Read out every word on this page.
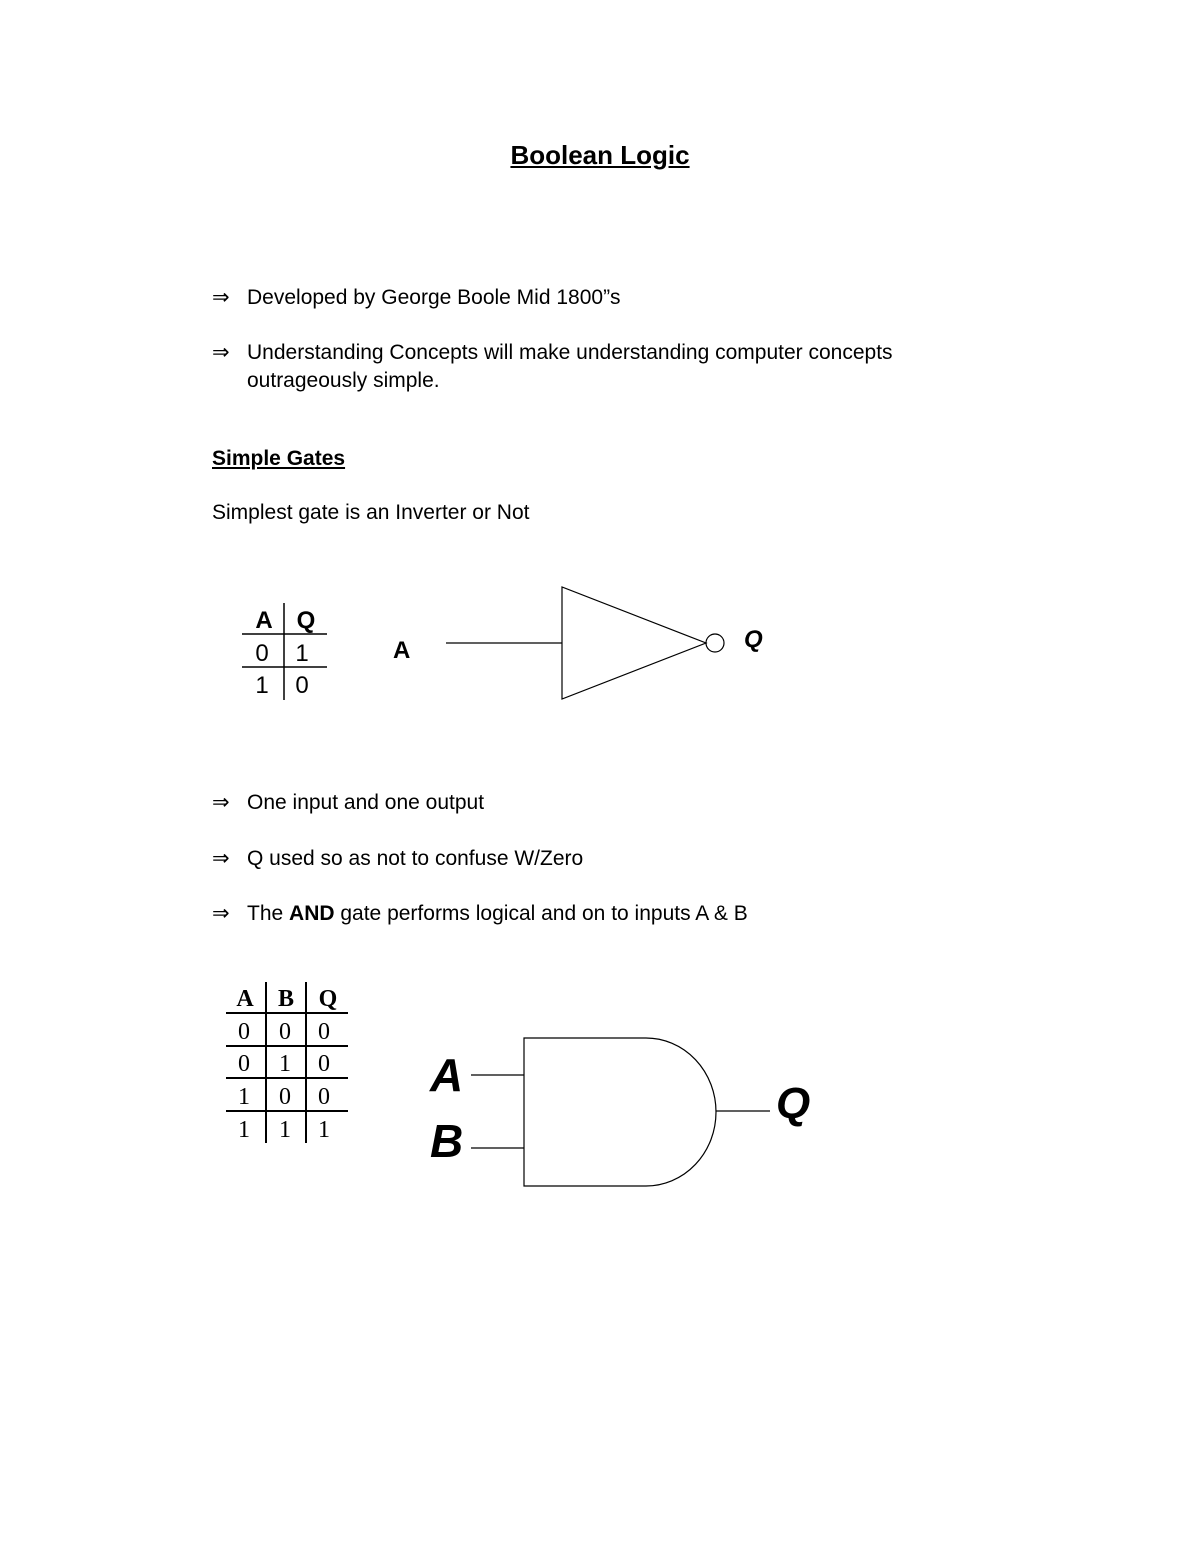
Boolean Logic
⇒ Developed by George Boole Mid 1800”s
⇒ Understanding Concepts will make understanding computer concepts outrageously simple.
Simple Gates
Simplest gate is an Inverter or Not
A Q
0 1
1 0
A	Q
A B Q
0 0 0
0 1 0
1 0 0
1 1 1
A
B
Q
⇒ One input and one output
⇒ Q used so as not to confuse W/Zero
⇒ The AND gate performs logical and on to inputs A & B
